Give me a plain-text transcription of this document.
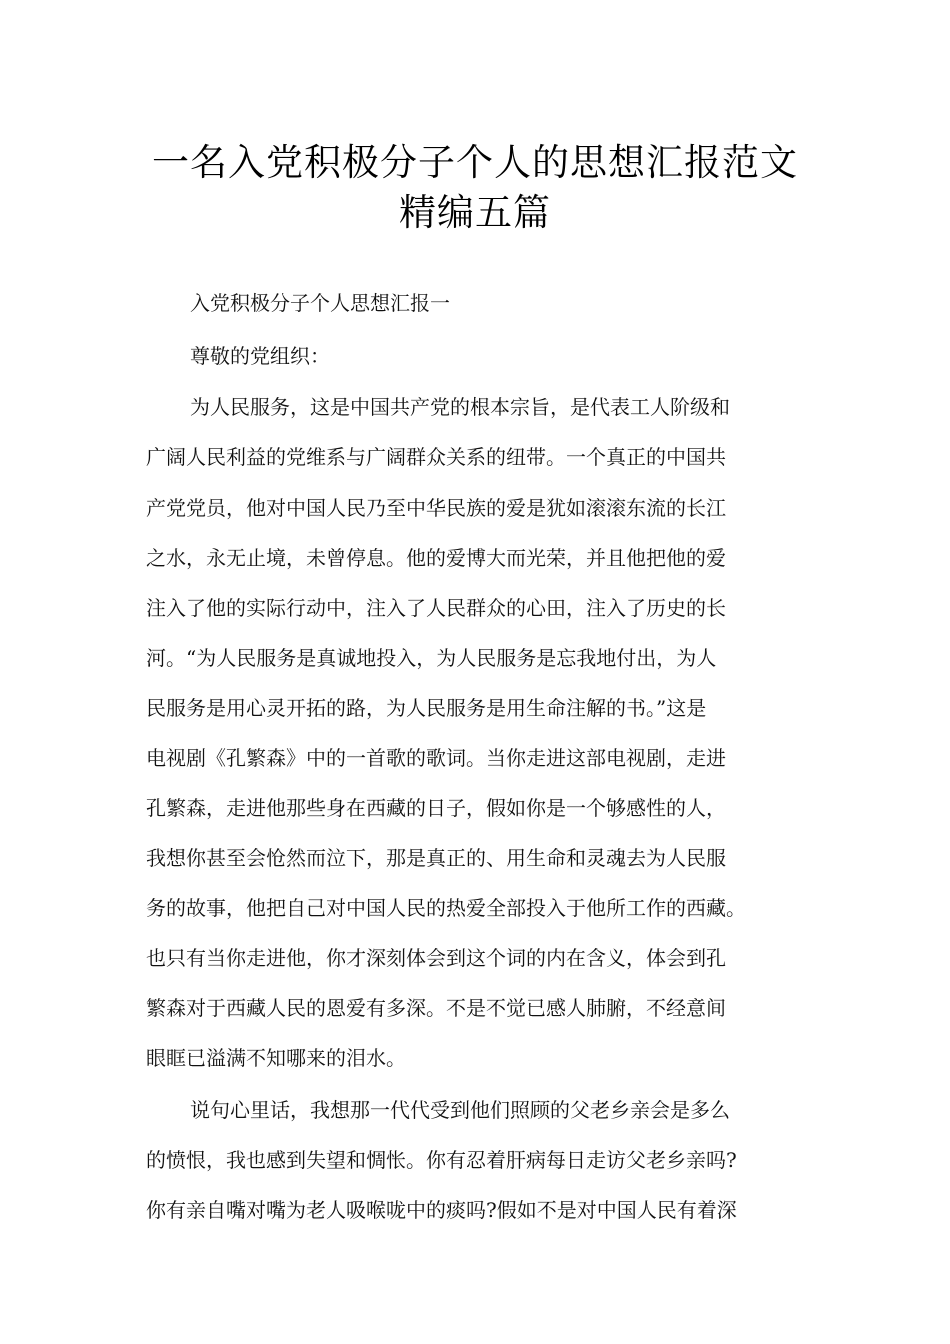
一名入党积极分子个人的思想汇报范文
精编五篇

入党积极分子个人思想汇报一

尊敬的党组织：

为人民服务，这是中国共产党的根本宗旨，是代表工人阶级和

广阔人民利益的党维系与广阔群众关系的纽带。一个真正的中国共

产党党员，他对中国人民乃至中华民族的爱是犹如滚滚东流的长江

之水，永无止境，未曾停息。他的爱博大而光荣，并且他把他的爱

注入了他的实际行动中，注入了人民群众的心田，注入了历史的长

河。“为人民服务是真诚地投入，为人民服务是忘我地付出，为人

民服务是用心灵开拓的路，为人民服务是用生命注解的书。”这是

电视剧《孔繁森》中的一首歌的歌词。当你走进这部电视剧，走进

孔繁森，走进他那些身在西藏的日子，假如你是一个够感性的人，

我想你甚至会怆然而泣下，那是真正的、用生命和灵魂去为人民服

务的故事，他把自己对中国人民的热爱全部投入于他所工作的西藏。

也只有当你走进他，你才深刻体会到这个词的内在含义，体会到孔

繁森对于西藏人民的恩爱有多深。不是不觉已感人肺腑，不经意间

眼眶已溢满不知哪来的泪水。

说句心里话，我想那一代代受到他们照顾的父老乡亲会是多么

的愤恨，我也感到失望和惆怅。你有忍着肝病每日走访父老乡亲吗?

你有亲自嘴对嘴为老人吸喉咙中的痰吗?假如不是对中国人民有着深
